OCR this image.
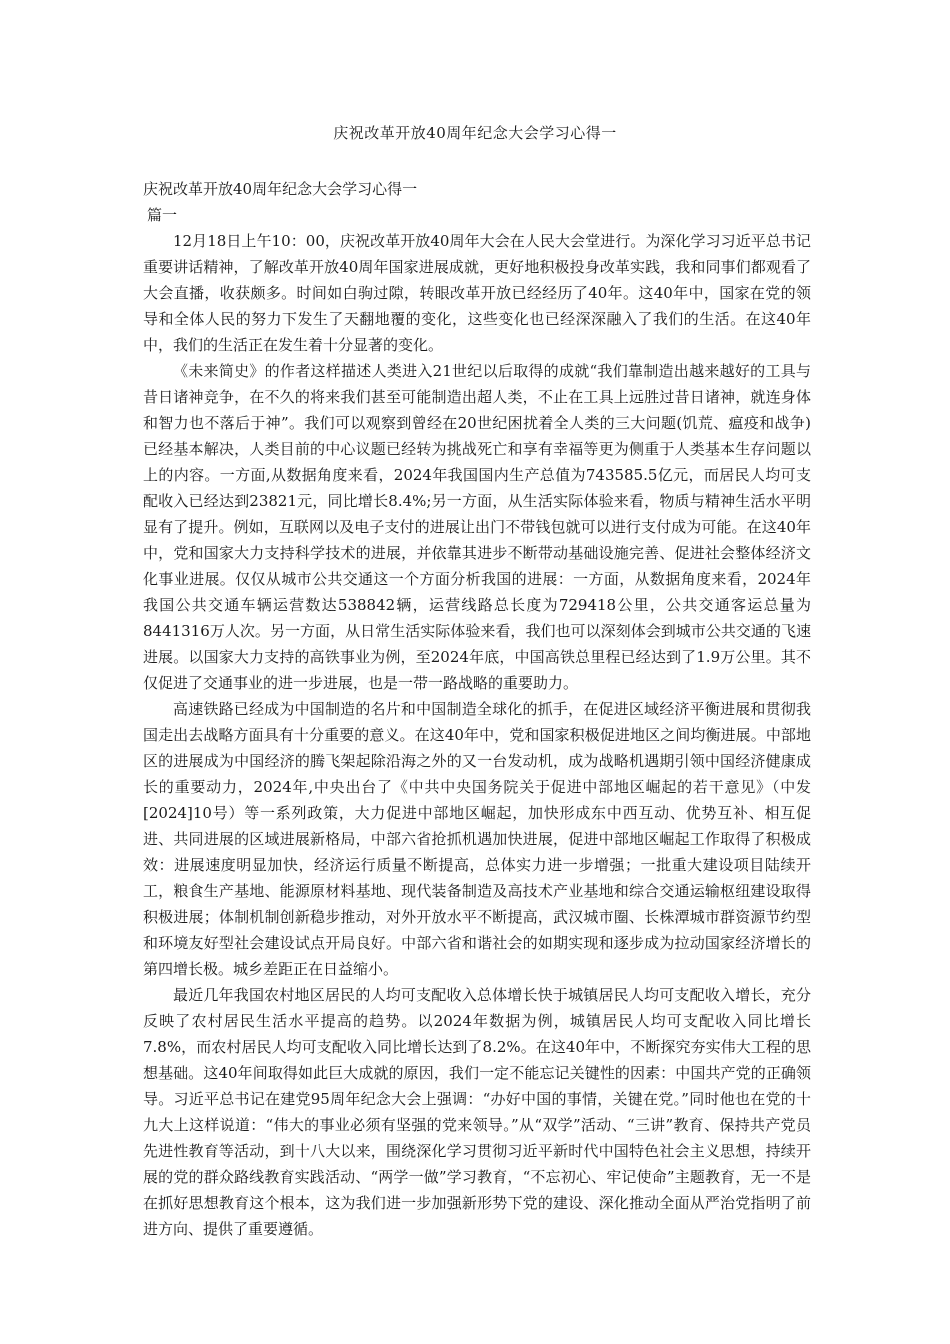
庆祝改革开放40周年纪念大会学习心得一

庆祝改革开放40周年纪念大会学习心得一

篇一

12月18日上午10：00，庆祝改革开放40周年大会在人民大会堂进行。为深化学习习近平总书记重要讲话精神，了解改革开放40周年国家进展成就，更好地积极投身改革实践，我和同事们都观看了大会直播，收获颇多。时间如白驹过隙，转眼改革开放已经经历了40年。这40年中，国家在党的领导和全体人民的努力下发生了天翻地覆的变化，这些变化也已经深深融入了我们的生活。在这40年中，我们的生活正在发生着十分显著的变化。

《未来简史》的作者这样描述人类进入21世纪以后取得的成就“我们靠制造出越来越好的工具与昔日诸神竞争，在不久的将来我们甚至可能制造出超人类，不止在工具上远胜过昔日诸神，就连身体和智力也不落后于神”。我们可以观察到曾经在20世纪困扰着全人类的三大问题(饥荒、瘟疫和战争)已经基本解决，人类目前的中心议题已经转为挑战死亡和享有幸福等更为侧重于人类基本生存问题以上的内容。一方面,从数据角度来看，2024年我国国内生产总值为743585.5亿元，而居民人均可支配收入已经达到23821元，同比增长8.4%;另一方面，从生活实际体验来看，物质与精神生活水平明显有了提升。例如，互联网以及电子支付的进展让出门不带钱包就可以进行支付成为可能。在这40年中，党和国家大力支持科学技术的进展，并依靠其进步不断带动基础设施完善、促进社会整体经济文化事业进展。仅仅从城市公共交通这一个方面分析我国的进展：一方面，从数据角度来看，2024年我国公共交通车辆运营数达538842辆，运营线路总长度为729418公里，公共交通客运总量为8441316万人次。另一方面，从日常生活实际体验来看，我们也可以深刻体会到城市公共交通的飞速进展。以国家大力支持的高铁事业为例，至2024年底，中国高铁总里程已经达到了1.9万公里。其不仅促进了交通事业的进一步进展，也是一带一路战略的重要助力。

高速铁路已经成为中国制造的名片和中国制造全球化的抓手，在促进区域经济平衡进展和贯彻我国走出去战略方面具有十分重要的意义。在这40年中，党和国家积极促进地区之间均衡进展。中部地区的进展成为中国经济的腾飞架起除沿海之外的又一台发动机，成为战略机遇期引领中国经济健康成长的重要动力，2024年,中央出台了《中共中央国务院关于促进中部地区崛起的若干意见》（中发[2024]10号）等一系列政策，大力促进中部地区崛起，加快形成东中西互动、优势互补、相互促进、共同进展的区域进展新格局，中部六省抢抓机遇加快进展，促进中部地区崛起工作取得了积极成效：进展速度明显加快，经济运行质量不断提高，总体实力进一步增强；一批重大建设项目陆续开工，粮食生产基地、能源原材料基地、现代装备制造及高技术产业基地和综合交通运输枢纽建设取得积极进展；体制机制创新稳步推动，对外开放水平不断提高，武汉城市圈、长株潭城市群资源节约型和环境友好型社会建设试点开局良好。中部六省和谐社会的如期实现和逐步成为拉动国家经济增长的第四增长极。城乡差距正在日益缩小。

最近几年我国农村地区居民的人均可支配收入总体增长快于城镇居民人均可支配收入增长，充分反映了农村居民生活水平提高的趋势。以2024年数据为例，城镇居民人均可支配收入同比增长7.8%，而农村居民人均可支配收入同比增长达到了8.2%。在这40年中，不断探究夯实伟大工程的思想基础。这40年间取得如此巨大成就的原因，我们一定不能忘记关键性的因素：中国共产党的正确领导。习近平总书记在建党95周年纪念大会上强调：“办好中国的事情，关键在党。”同时他也在党的十九大上这样说道：“伟大的事业必须有坚强的党来领导。”从“双学”活动、“三讲”教育、保持共产党员先进性教育等活动，到十八大以来，围绕深化学习贯彻习近平新时代中国特色社会主义思想，持续开展的党的群众路线教育实践活动、“两学一做”学习教育，“不忘初心、牢记使命”主题教育，无一不是在抓好思想教育这个根本，这为我们进一步加强新形势下党的建设、深化推动全面从严治党指明了前进方向、提供了重要遵循。
